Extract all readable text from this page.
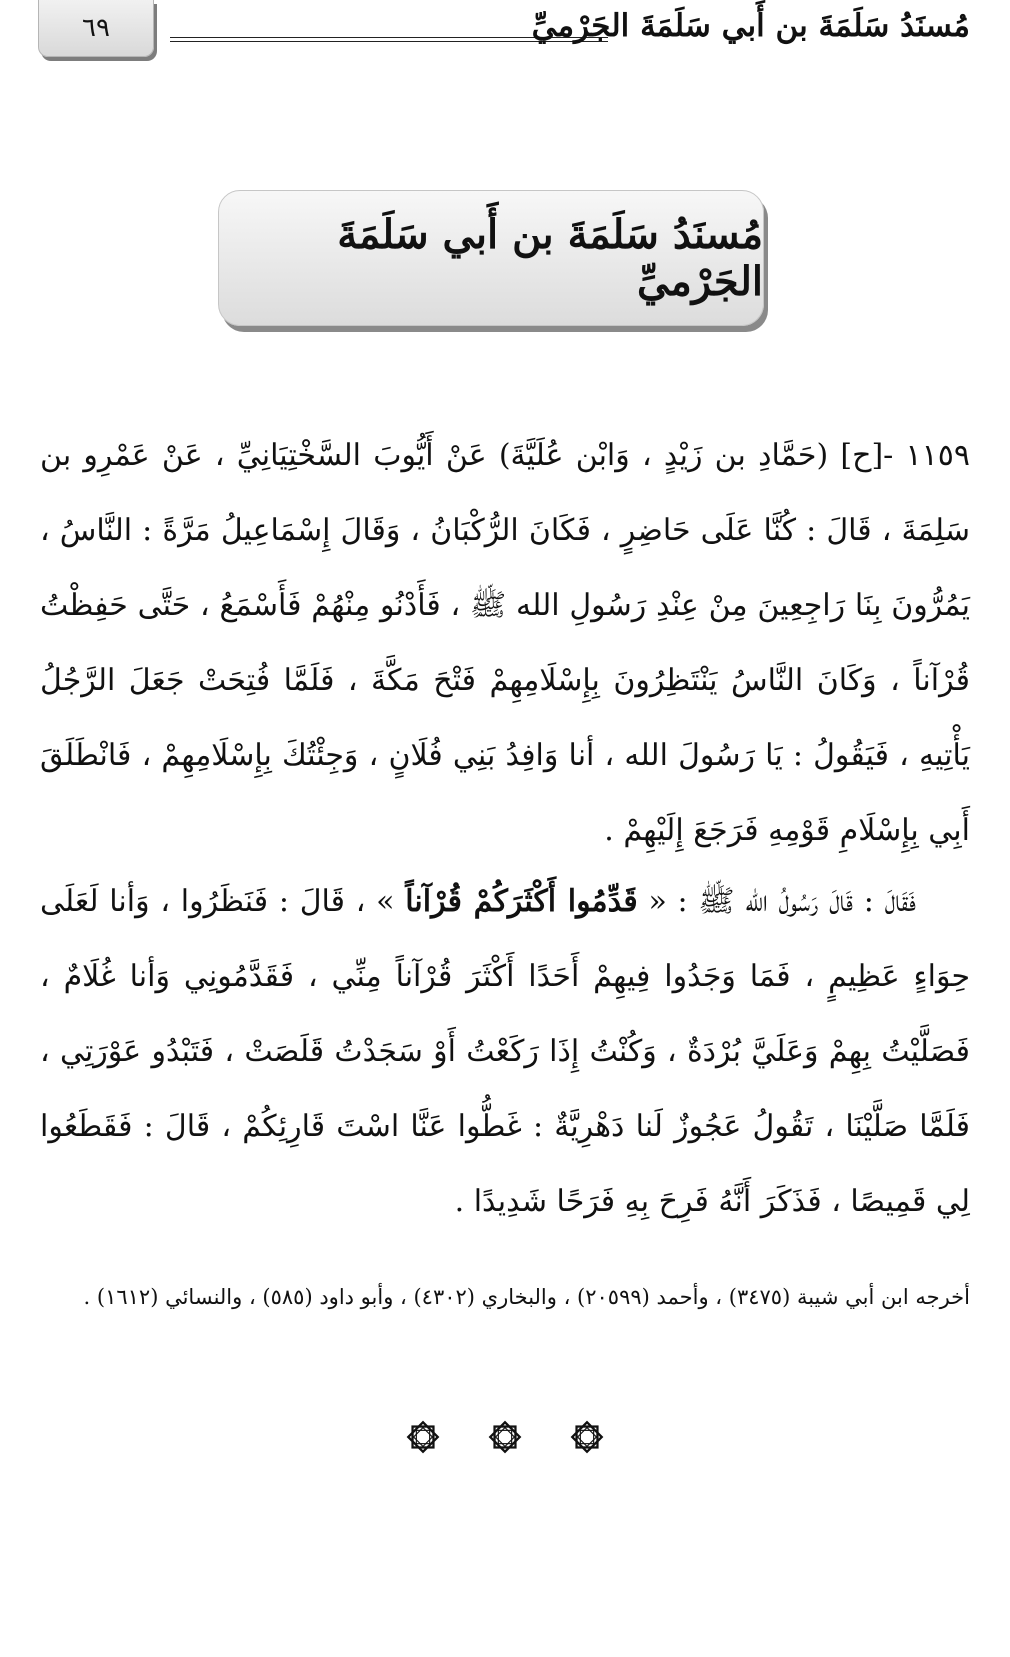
٦٩	مُسنَدُ سَلَمَةَ بن أَبي سَلَمَةَ الجَرْميِّ
مُسنَدُ سَلَمَةَ بن أَبي سَلَمَةَ الجَرْميِّ
١١٥٩ -[ح] (حَمَّادِ بن زَيْدٍ ، وَابْن عُلَيَّةَ) عَنْ أَيُّوبَ السَّخْتِيَانِيِّ ، عَنْ عَمْرِو بن سَلِمَةَ ، قَالَ : كُنَّا عَلَى حَاضِرٍ ، فَكَانَ الرُّكْبَانُ ، وَقَالَ إِسْمَاعِيلُ مَرَّةً : النَّاسُ ، يَمُرُّونَ بِنَا رَاجِعِينَ مِنْ عِنْدِ رَسُولِ الله ﷺ ، فَأَدْنُو مِنْهُمْ فَأَسْمَعُ ، حَتَّى حَفِظْتُ قُرْآناً ، وَكَانَ النَّاسُ يَنْتَظِرُونَ بِإِسْلَامِهِمْ فَتْحَ مَكَّةَ ، فَلَمَّا فُتِحَتْ جَعَلَ الرَّجُلُ يَأْتِيهِ ، فَيَقُولُ : يَا رَسُولَ الله ، أنا وَافِدُ بَنِي فُلَانٍ ، وَجِئْتُكَ بِإِسْلَامِهِمْ ، فَانْطَلَقَ أَبِي بِإِسْلَامِ قَوْمِهِ فَرَجَعَ إِلَيْهِمْ .
فَقَالَ : قَالَ رَسُولُ الله ﷺ : « قَدِّمُوا أَكْثَرَكُمْ قُرْآناً » ، قَالَ : فَنَظَرُوا ، وَأنا لَعَلَى حِوَاءٍ عَظِيمٍ ، فَمَا وَجَدُوا فِيهِمْ أَحَدًا أَكْثَرَ قُرْآناً مِنِّي ، فَقَدَّمُونِي وَأنا غُلَامٌ ، فَصَلَّيْتُ بِهِمْ وَعَلَيَّ بُرْدَةٌ ، وَكُنْتُ إِذَا رَكَعْتُ أَوْ سَجَدْتُ قَلَصَتْ ، فَتَبْدُو عَوْرَتِي ، فَلَمَّا صَلَّيْنَا ، تَقُولُ عَجُوزٌ لَنا دَهْرِيَّةٌ : غَطُّوا عَنَّا اسْتَ قَارِئِكُمْ ، قَالَ : فَقَطَعُوا لِي قَمِيصًا ، فَذَكَرَ أَنَّهُ فَرِحَ بِهِ فَرَحًا شَدِيدًا .
أخرجه ابن أبي شيبة (٣٤٧٥) ، وأحمد (٢٠٥٩٩) ، والبخاري (٤٣٠٢) ، وأبو داود (٥٨٥) ، والنسائي (١٦١٢) .
